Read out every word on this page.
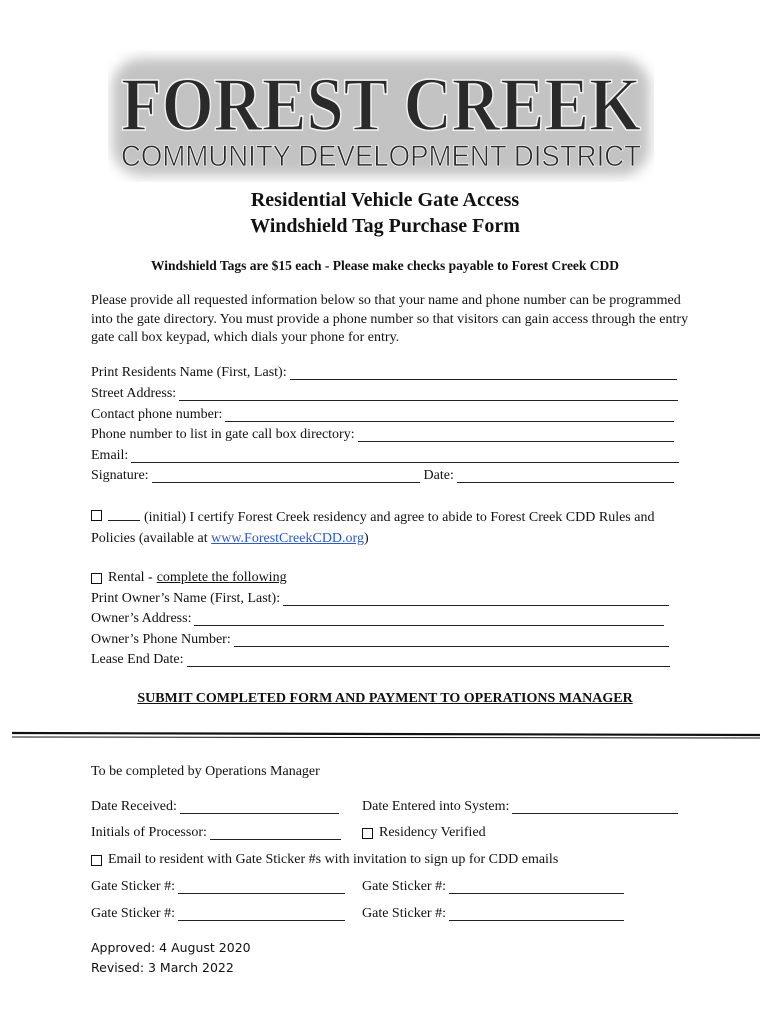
FOREST CREEK
COMMUNITY DEVELOPMENT DISTRICT
Residential Vehicle Gate Access
Windshield Tag Purchase Form
Windshield Tags are $15 each - Please make checks payable to Forest Creek CDD
Please provide all requested information below so that your name and phone number can be programmed into the gate directory. You must provide a phone number so that visitors can gain access through the entry gate call box keypad, which dials your phone for entry.
Print Residents Name (First, Last):
Street Address:
Contact phone number:
Phone number to list in gate call box directory:
Email:
Signature:	Date:
(initial) I certify Forest Creek residency and agree to abide to Forest Creek CDD Rules and Policies (available at www.ForestCreekCDD.org)
Rental - complete the following
Print Owner’s Name (First, Last):
Owner’s Address:
Owner’s Phone Number:
Lease End Date:
SUBMIT COMPLETED FORM AND PAYMENT TO OPERATIONS MANAGER
To be completed by Operations Manager
Date Received:	Date Entered into System:
Initials of Processor:	Residency Verified
Email to resident with Gate Sticker #s with invitation to sign up for CDD emails
Gate Sticker #:	Gate Sticker #:
Gate Sticker #:	Gate Sticker #:
Approved: 4 August 2020
Revised: 3 March 2022
